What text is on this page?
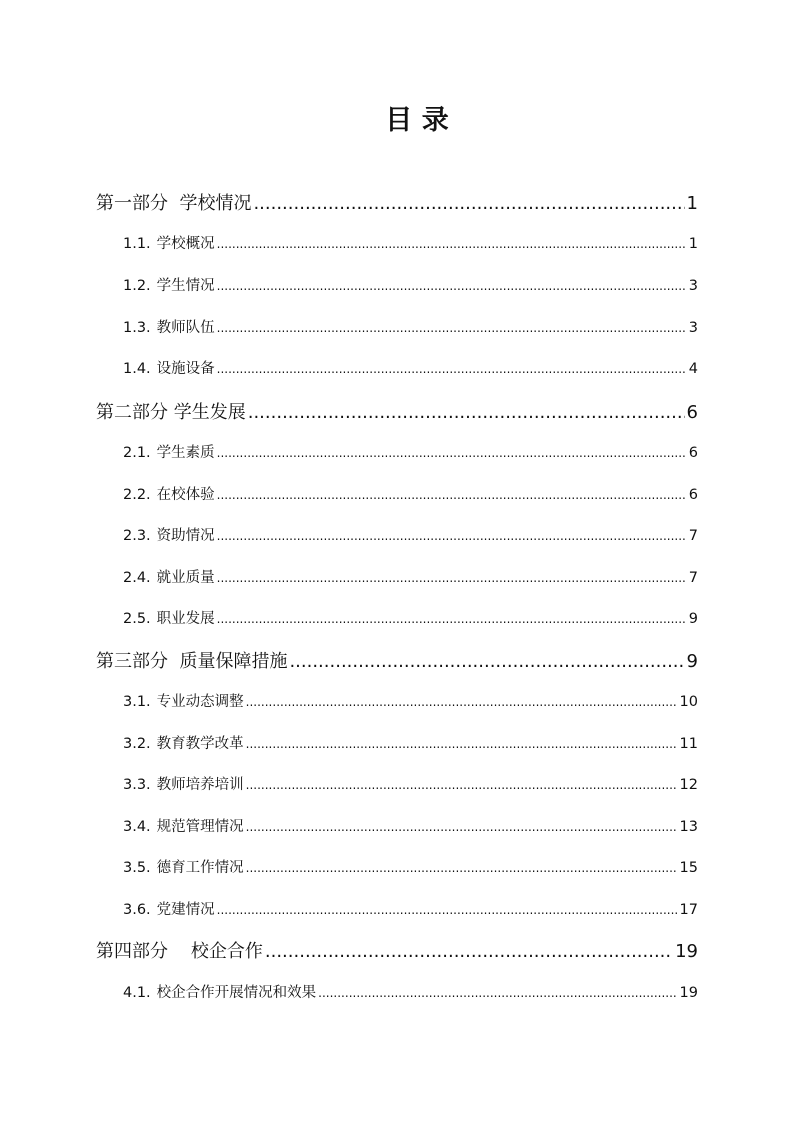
目 录
第一部分  学校情况 .....	1
1.1. 学校概况 .....	1
1.2. 学生情况 .....	3
1.3. 教师队伍 .....	3
1.4. 设施设备 .....	4
第二部分 学生发展 .....	6
2.1. 学生素质 .....	6
2.2. 在校体验 .....	6
2.3. 资助情况 .....	7
2.4. 就业质量 .....	7
2.5. 职业发展 .....	9
第三部分  质量保障措施 .....	9
3.1. 专业动态调整 .....	10
3.2. 教育教学改革 .....	11
3.3. 教师培养培训 .....	12
3.4. 规范管理情况 .....	13
3.5. 德育工作情况 .....	15
3.6. 党建情况 .....	17
第四部分    校企合作 .....	19
4.1. 校企合作开展情况和效果 .....	19
